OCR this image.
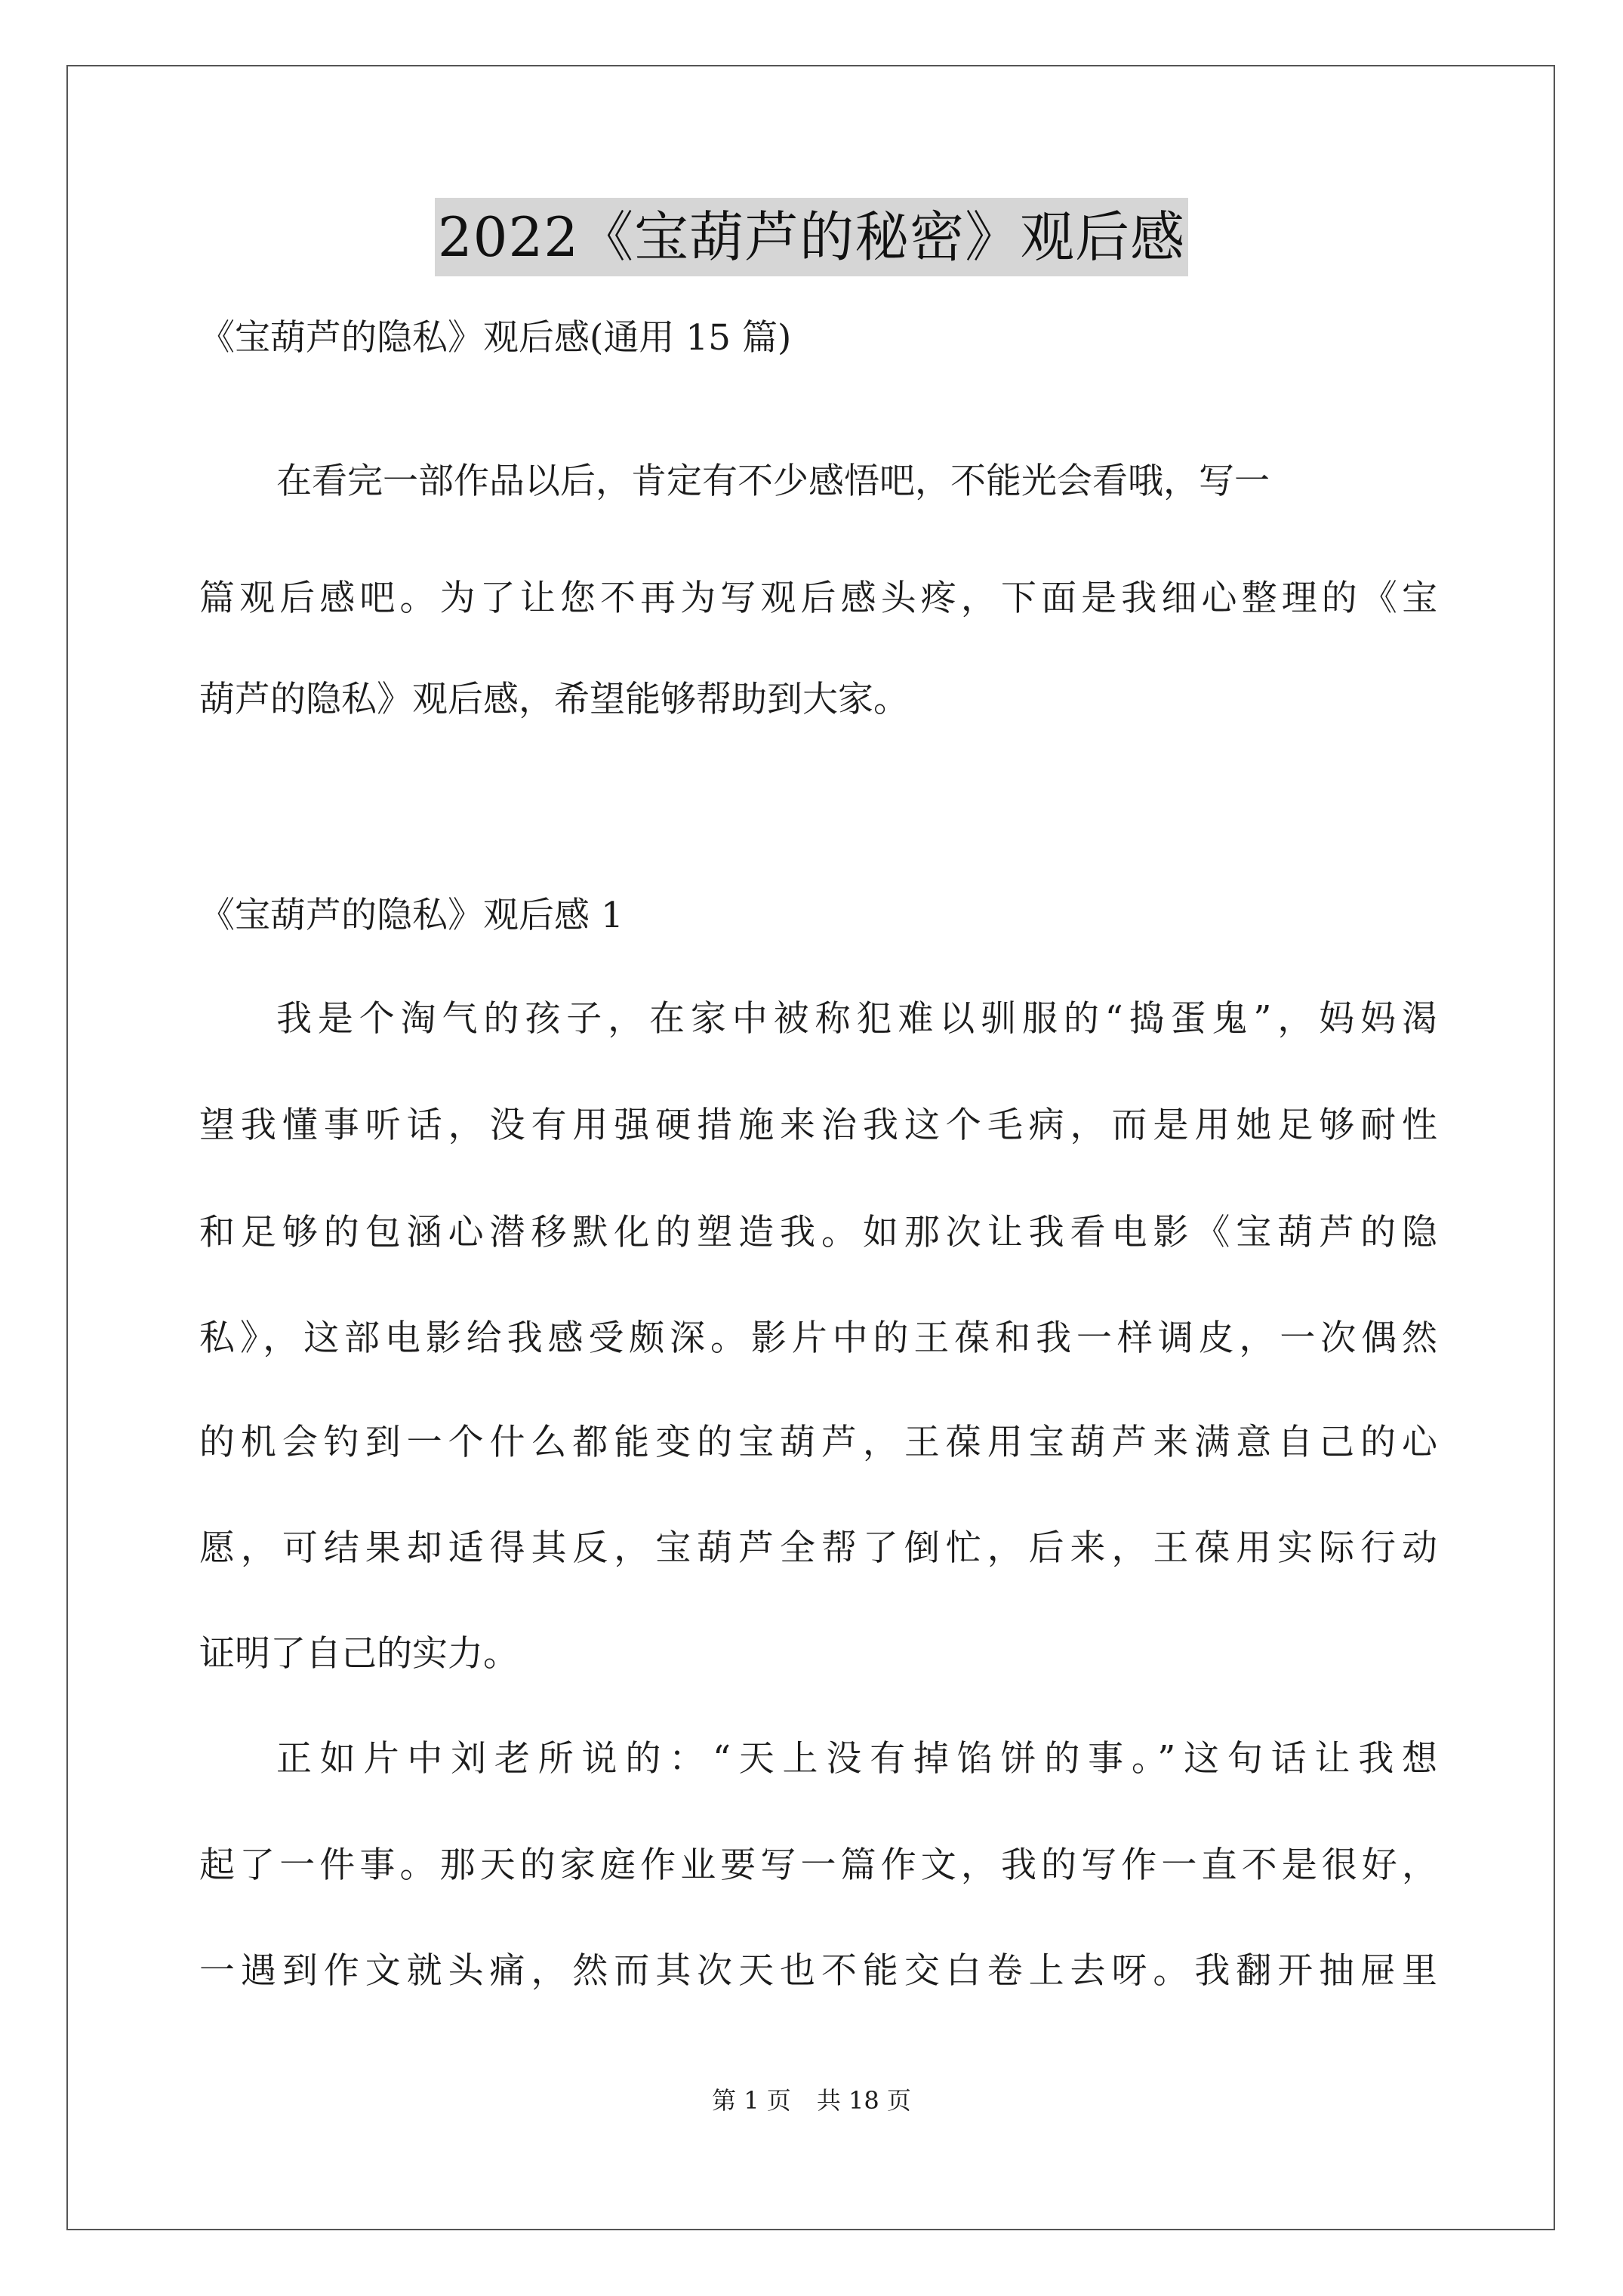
2022《宝葫芦的秘密》观后感
《宝葫芦的隐私》观后感(通用 15 篇)
在看完一部作品以后，肯定有不少感悟吧，不能光会看哦，写一
篇观后感吧。为了让您不再为写观后感头疼，下面是我细心整理的《宝
葫芦的隐私》观后感，希望能够帮助到大家。
《宝葫芦的隐私》观后感 1
我是个淘气的孩子，在家中被称犯难以驯服的“捣蛋鬼”，妈妈渴
望我懂事听话，没有用强硬措施来治我这个毛病，而是用她足够耐性
和足够的包涵心潜移默化的塑造我。如那次让我看电影《宝葫芦的隐
私》，这部电影给我感受颇深。影片中的王葆和我一样调皮，一次偶然
的机会钓到一个什么都能变的宝葫芦，王葆用宝葫芦来满意自己的心
愿，可结果却适得其反，宝葫芦全帮了倒忙，后来，王葆用实际行动
证明了自己的实力。
正如片中刘老所说的：“天上没有掉馅饼的事。”这句话让我想
起了一件事。那天的家庭作业要写一篇作文，我的写作一直不是很好，
一遇到作文就头痛，然而其次天也不能交白卷上去呀。我翻开抽屉里
第 1 页 共 18 页
